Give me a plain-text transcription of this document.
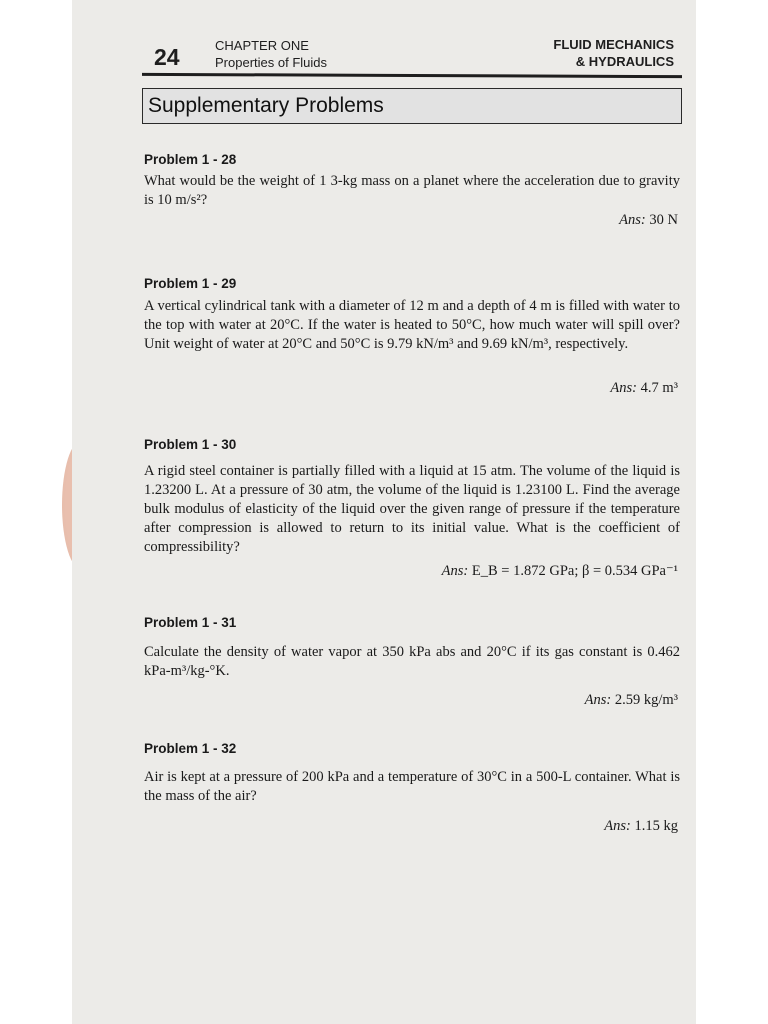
24	CHAPTER ONE

Properties of Fluids

FLUID MECHANICS
& HYDRAULICS

Supplementary Problems

Problem 1 - 28

What would be the weight of 1 3-kg mass on a planet where the acceleration due to gravity is 10 m/s²?

Ans: 30 N

Problem 1 - 29

A vertical cylindrical tank with a diameter of 12 m and a depth of 4 m is filled with water to the top with water at 20°C. If the water is heated to 50°C, how much water will spill over? Unit weight of water at 20°C and 50°C is 9.79 kN/m³ and 9.69 kN/m³, respectively.

Ans: 4.7 m³

Problem 1 - 30

A rigid steel container is partially filled with a liquid at 15 atm. The volume of the liquid is 1.23200 L. At a pressure of 30 atm, the volume of the liquid is 1.23100 L. Find the average bulk modulus of elasticity of the liquid over the given range of pressure if the temperature after compression is allowed to return to its initial value. What is the coefficient of compressibility?

Ans: E_B = 1.872 GPa; β = 0.534 GPa⁻¹

Problem 1 - 31

Calculate the density of water vapor at 350 kPa abs and 20°C if its gas constant is 0.462 kPa-m³/kg-°K.

Ans: 2.59 kg/m³

Problem 1 - 32

Air is kept at a pressure of 200 kPa and a temperature of 30°C in a 500-L container. What is the mass of the air?

Ans: 1.15 kg
